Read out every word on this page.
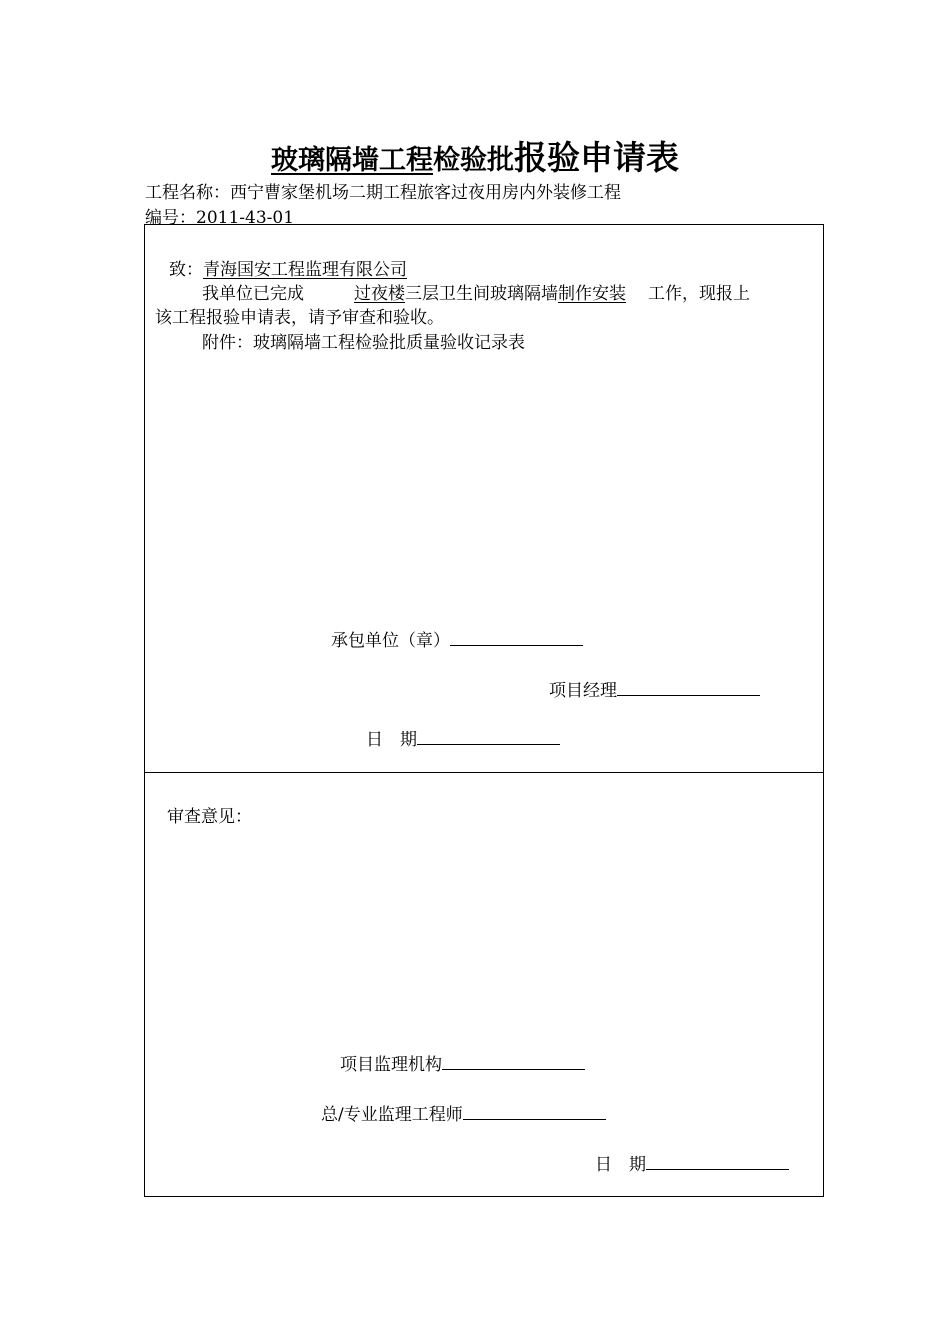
玻璃隔墙工程检验批报验申请表
工程名称：西宁曹家堡机场二期工程旅客过夜用房内外装修工程
编号：2011-43-01
致：青海国安工程监理有限公司
我单位已完成	过夜楼三层卫生间玻璃隔墙制作安装 工作，现报上
该工程报验申请表，请予审查和验收。
附件：玻璃隔墙工程检验批质量验收记录表
承包单位（章）
项目经理
日　期
审查意见：
项目监理机构
总/专业监理工程师
日　期
